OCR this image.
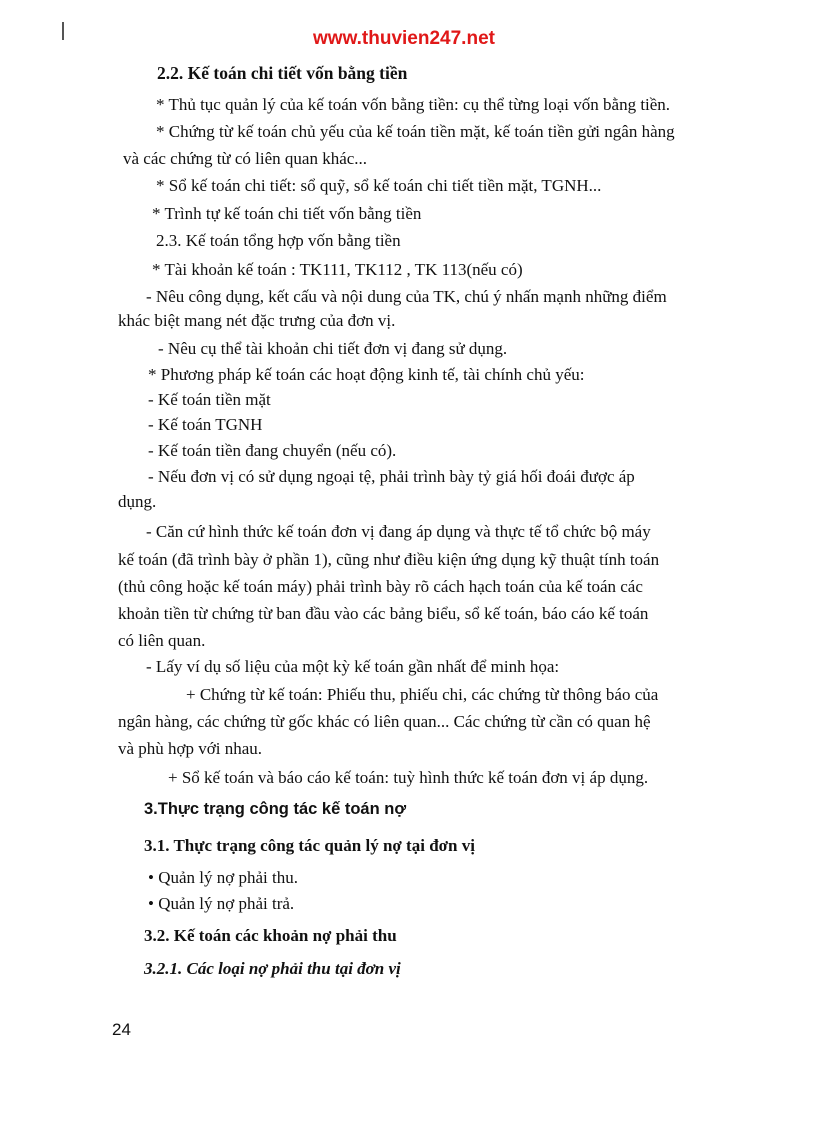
www.thuvien247.net
2.2. Kế toán chi tiết vốn bằng tiền
* Thủ tục quản lý của kế toán vốn bằng tiền: cụ thể từng loại vốn bằng tiền.
* Chứng từ kế toán chủ yếu của kế toán tiền mặt, kế toán tiền gửi ngân hàng
và các chứng từ có liên quan khác...
* Sổ kế toán chi tiết: sổ quỹ, sổ kế toán chi tiết tiền mặt, TGNH...
* Trình tự kế toán chi tiết vốn bằng tiền
2.3. Kế toán tổng hợp vốn bằng tiền
* Tài khoản kế toán : TK111, TK112 , TK 113(nếu có)
- Nêu công dụng, kết cấu và nội dung của TK, chú ý nhấn mạnh những điểm
khác biệt mang nét đặc trưng của đơn vị.
- Nêu cụ thể tài khoản chi tiết đơn vị đang sử dụng.
* Phương pháp kế toán các hoạt động kinh tế, tài chính chủ yếu:
- Kế toán tiền mặt
- Kế toán TGNH
- Kế toán tiền đang chuyển (nếu có).
- Nếu đơn vị có sử dụng ngoại tệ, phải trình bày tỷ giá hối đoái được áp
dụng.
- Căn cứ hình thức kế toán đơn vị đang áp dụng và thực tế tổ chức bộ máy
kế toán (đã trình bày ở phần 1), cũng như điều kiện ứng dụng kỹ thuật tính toán
(thủ công hoặc kế toán máy) phải trình bày rõ cách hạch toán của kế toán các
khoản tiền từ chứng từ ban đầu vào các bảng biểu, sổ kế toán, báo cáo kế toán
có liên quan.
- Lấy ví dụ số liệu của một kỳ kế toán gần nhất để minh họa:
+ Chứng từ kế toán: Phiếu thu, phiếu chi, các chứng từ thông báo của
ngân hàng, các chứng từ gốc khác có liên quan... Các chứng từ cần có quan hệ
và phù hợp với nhau.
+ Sổ kế toán và báo cáo kế toán: tuỳ hình thức kế toán đơn vị áp dụng.
3.Thực trạng công tác kế toán nợ
3.1. Thực trạng công tác quản lý nợ tại đơn vị
• Quản lý nợ phải thu.
• Quản lý nợ phải trả.
3.2. Kế toán các khoản nợ phải thu
3.2.1. Các loại nợ phải thu tại đơn vị
24
